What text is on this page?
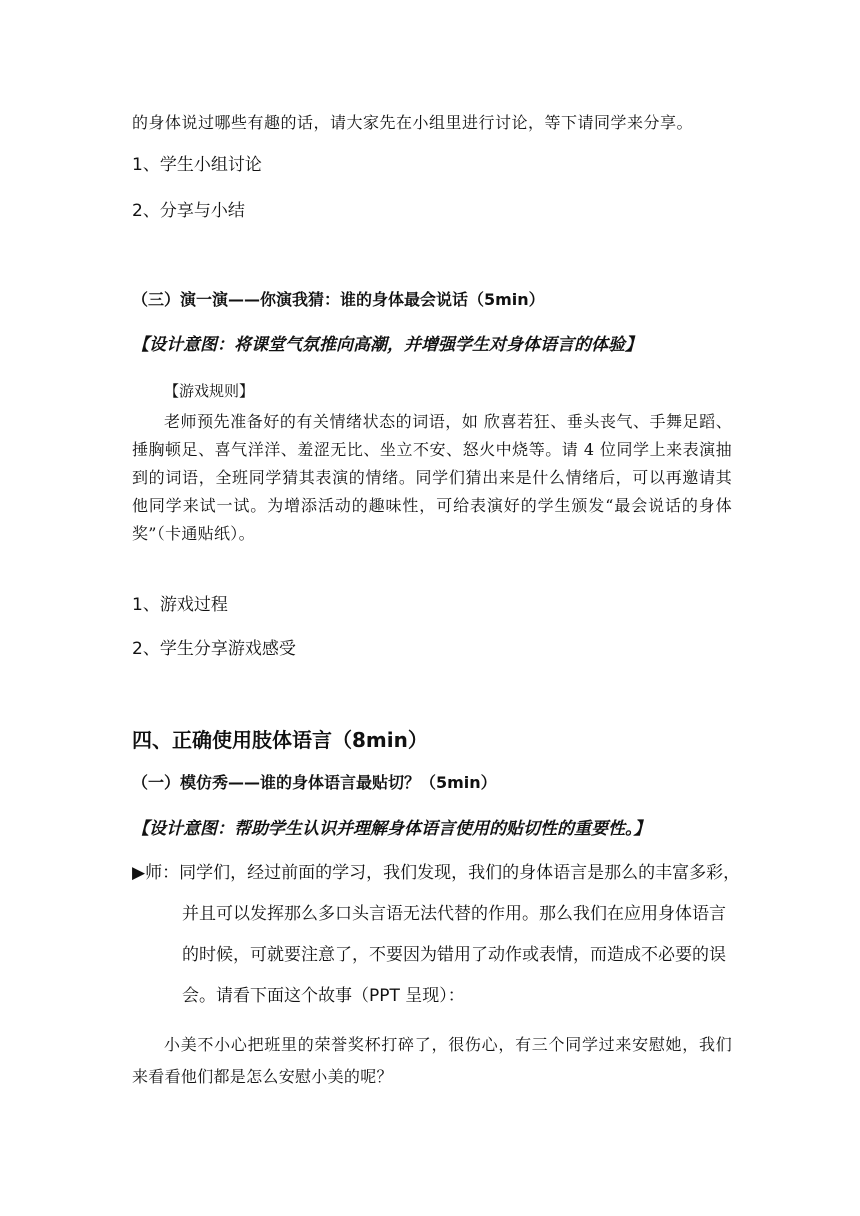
的身体说过哪些有趣的话，请大家先在小组里进行讨论，等下请同学来分享。
1、学生小组讨论
2、分享与小结
（三）演一演——你演我猜：谁的身体最会说话（5min）
【设计意图：将课堂气氛推向高潮，并增强学生对身体语言的体验】
【游戏规则】
老师预先准备好的有关情绪状态的词语，如 欣喜若狂、垂头丧气、手舞足蹈、捶胸顿足、喜气洋洋、羞涩无比、坐立不安、怒火中烧等。请 4 位同学上来表演抽到的词语，全班同学猜其表演的情绪。同学们猜出来是什么情绪后，可以再邀请其他同学来试一试。为增添活动的趣味性，可给表演好的学生颁发“最会说话的身体奖”（卡通贴纸）。
1、游戏过程
2、学生分享游戏感受
四、正确使用肢体语言（8min）
（一）模仿秀——谁的身体语言最贴切？（5min）
【设计意图：帮助学生认识并理解身体语言使用的贴切性的重要性。】
▶师：同学们，经过前面的学习，我们发现，我们的身体语言是那么的丰富多彩，
并且可以发挥那么多口头言语无法代替的作用。那么我们在应用身体语言的时候，可就要注意了，不要因为错用了动作或表情，而造成不必要的误会。请看下面这个故事（PPT 呈现）：
小美不小心把班里的荣誉奖杯打碎了，很伤心，有三个同学过来安慰她，我们来看看他们都是怎么安慰小美的呢？
